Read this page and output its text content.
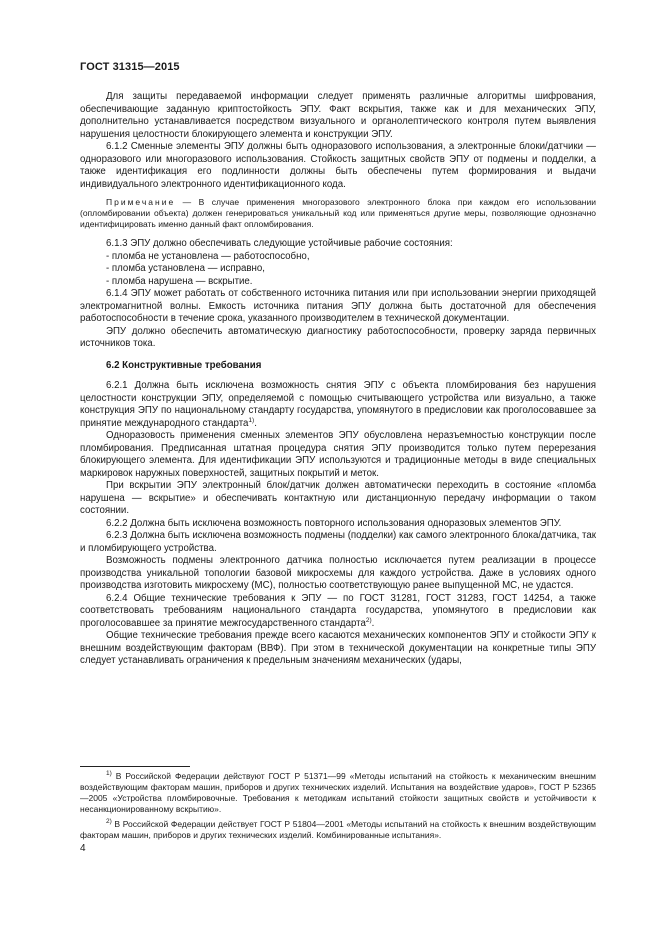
ГОСТ 31315—2015

Для защиты передаваемой информации следует применять различные алгоритмы шифрования, обеспечивающие заданную криптостойкость ЭПУ. Факт вскрытия, также как и для механических ЭПУ, дополнительно устанавливается посредством визуального и органолептического контроля путем выявления нарушения целостности блокирующего элемента и конструкции ЭПУ.

6.1.2 Сменные элементы ЭПУ должны быть одноразового использования, а электронные блоки/датчики — одноразового или многоразового использования. Стойкость защитных свойств ЭПУ от подмены и подделки, а также идентификация его подлинности должны быть обеспечены путем формирования и выдачи индивидуального электронного идентификационного кода.

Примечание — В случае применения многоразового электронного блока при каждом его использовании (опломбировании объекта) должен генерироваться уникальный код или применяться другие меры, позволяющие однозначно идентифицировать именно данный факт опломбирования.

6.1.3 ЭПУ должно обеспечивать следующие устойчивые рабочие состояния:

- пломба не установлена — работоспособно,

- пломба установлена — исправно,

- пломба нарушена — вскрытие.

6.1.4 ЭПУ может работать от собственного источника питания или при использовании энергии приходящей электромагнитной волны. Емкость источника питания ЭПУ должна быть достаточной для обеспечения работоспособности в течение срока, указанного производителем в технической документации.

ЭПУ должно обеспечить автоматическую диагностику работоспособности, проверку заряда первичных источников тока.

6.2 Конструктивные требования

6.2.1 Должна быть исключена возможность снятия ЭПУ с объекта пломбирования без нарушения целостности конструкции ЭПУ, определяемой с помощью считывающего устройства или визуально, а также конструкция ЭПУ по национальному стандарту государства, упомянутого в предисловии как проголосовавшее за принятие международного стандарта$^{1)}$.

Одноразовость применения сменных элементов ЭПУ обусловлена неразъемностью конструкции после пломбирования. Предписанная штатная процедура снятия ЭПУ производится только путем перерезания блокирующего элемента. Для идентификации ЭПУ используются и традиционные методы в виде специальных маркировок наружных поверхностей, защитных покрытий и меток.

При вскрытии ЭПУ электронный блок/датчик должен автоматически переходить в состояние «пломба нарушена — вскрытие» и обеспечивать контактную или дистанционную передачу информации о таком состоянии.

6.2.2 Должна быть исключена возможность повторного использования одноразовых элементов ЭПУ.

6.2.3 Должна быть исключена возможность подмены (подделки) как самого электронного блока/датчика, так и пломбирующего устройства.

Возможность подмены электронного датчика полностью исключается путем реализации в процессе производства уникальной топологии базовой микросхемы для каждого устройства. Даже в условиях одного производства изготовить микросхему (МС), полностью соответствующую ранее выпущенной МС, не удастся.

6.2.4 Общие технические требования к ЭПУ — по ГОСТ 31281, ГОСТ 31283, ГОСТ 14254, а также соответствовать требованиям национального стандарта государства, упомянутого в предисловии как проголосовавшее за принятие межгосударственного стандарта$^{2)}$.

Общие технические требования прежде всего касаются механических компонентов ЭПУ и стойкости ЭПУ к внешним воздействующим факторам (ВВФ). При этом в технической документации на конкретные типы ЭПУ следует устанавливать ограничения к предельным значениям механических (удары,

$^{1)}$ В Российской Федерации действуют ГОСТ Р 51371—99 «Методы испытаний на стойкость к механическим внешним воздействующим факторам машин, приборов и других технических изделий. Испытания на воздействие ударов», ГОСТ Р 52365—2005 «Устройства пломбировочные. Требования к методикам испытаний стойкости защитных свойств и устойчивости к несанкционированному вскрытию».

$^{2)}$ В Российской Федерации действует ГОСТ Р 51804—2001 «Методы испытаний на стойкость к внешним воздействующим факторам машин, приборов и других технических изделий. Комбинированные испытания».

4
